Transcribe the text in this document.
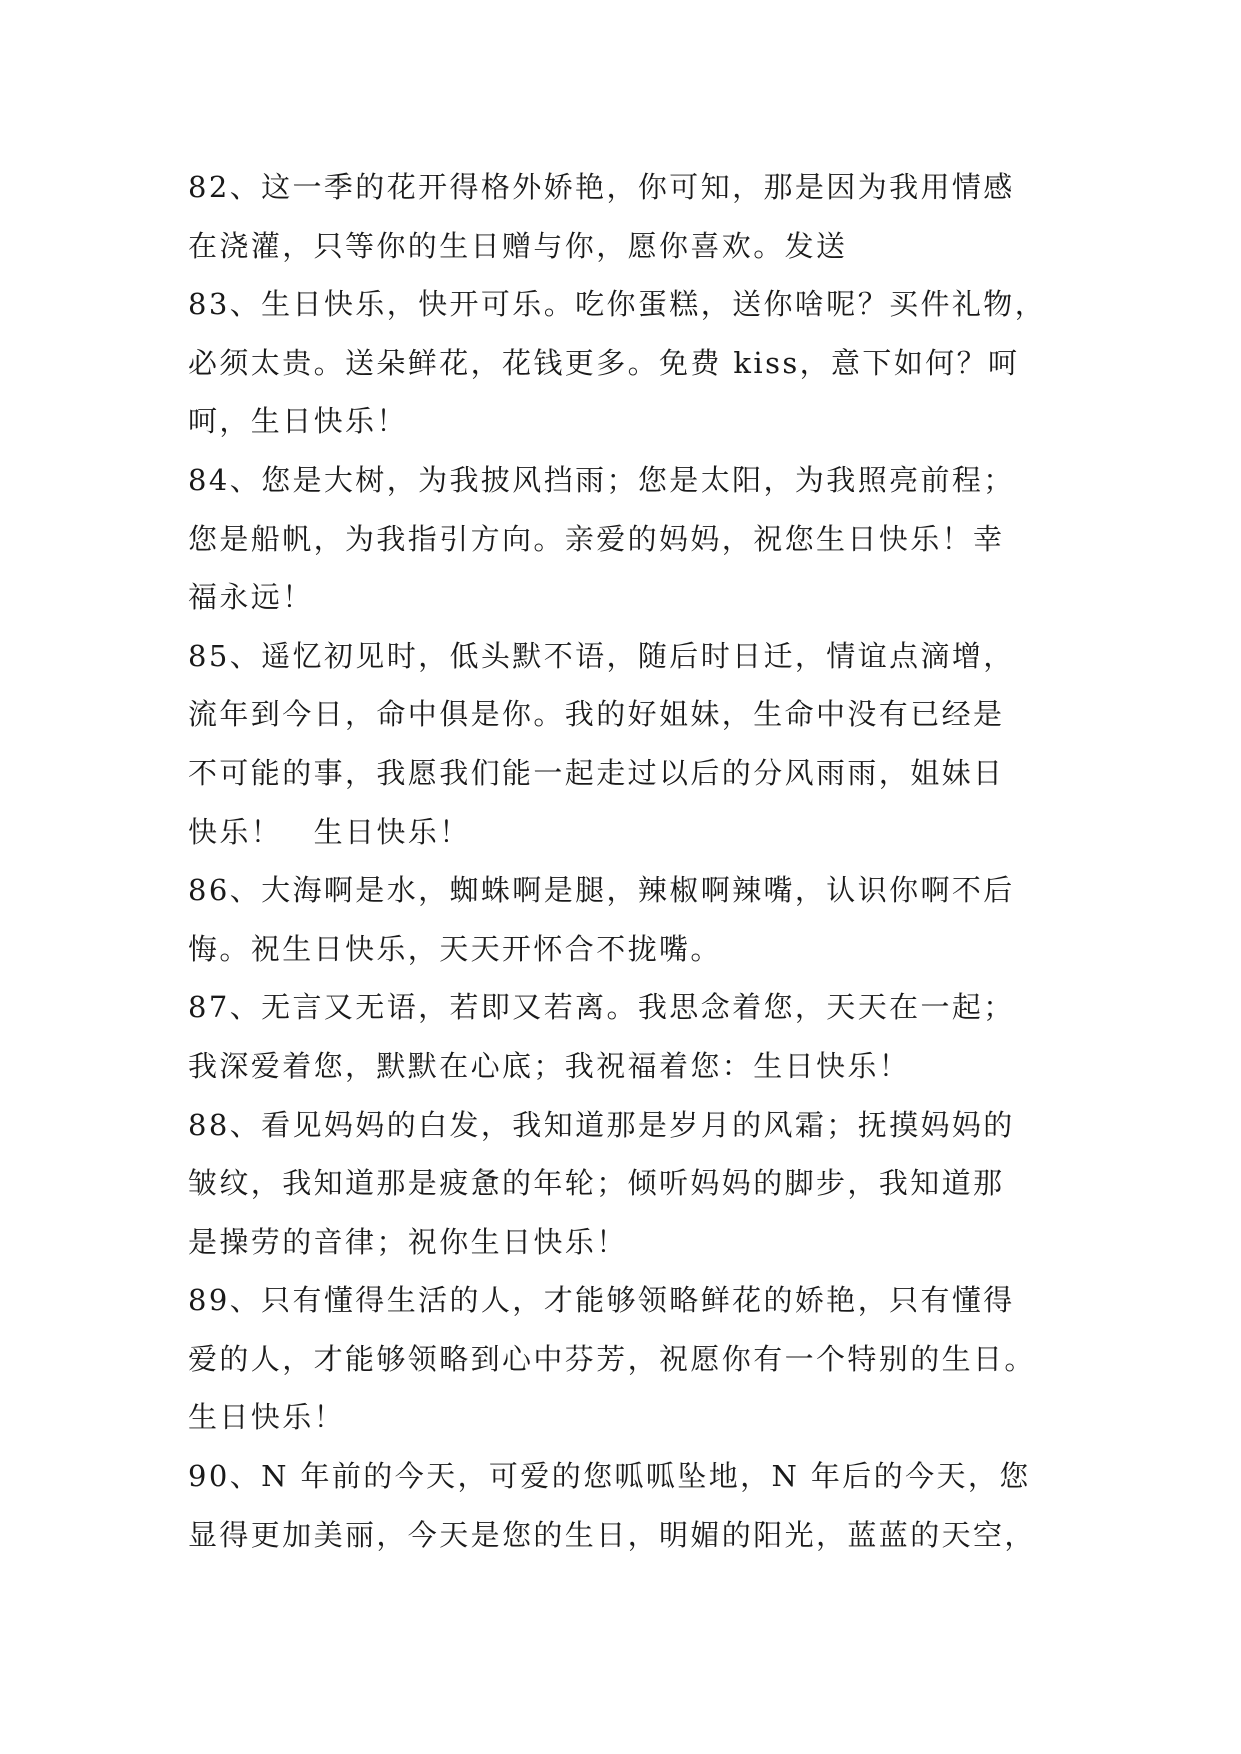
82、这一季的花开得格外娇艳，你可知，那是因为我用情感
在浇灌，只等你的生日赠与你，愿你喜欢。发送
83、生日快乐，快开可乐。吃你蛋糕，送你啥呢？买件礼物，
必须太贵。送朵鲜花，花钱更多。免费 kiss，意下如何？呵
呵，生日快乐！
84、您是大树，为我披风挡雨；您是太阳，为我照亮前程；
您是船帆，为我指引方向。亲爱的妈妈，祝您生日快乐！幸
福永远！
85、遥忆初见时，低头默不语，随后时日迁，情谊点滴增，
流年到今日，命中俱是你。我的好姐妹，生命中没有已经是
不可能的事，我愿我们能一起走过以后的分风雨雨，姐妹日
快乐！　生日快乐！
86、大海啊是水，蜘蛛啊是腿，辣椒啊辣嘴，认识你啊不后
悔。祝生日快乐，天天开怀合不拢嘴。
87、无言又无语，若即又若离。我思念着您，天天在一起；
我深爱着您，默默在心底；我祝福着您：生日快乐！
88、看见妈妈的白发，我知道那是岁月的风霜；抚摸妈妈的
皱纹，我知道那是疲惫的年轮；倾听妈妈的脚步，我知道那
是操劳的音律；祝你生日快乐！
89、只有懂得生活的人，才能够领略鲜花的娇艳，只有懂得
爱的人，才能够领略到心中芬芳，祝愿你有一个特别的生日。
生日快乐！
90、N 年前的今天，可爱的您呱呱坠地，N 年后的今天，您
显得更加美丽，今天是您的生日，明媚的阳光，蓝蓝的天空，
